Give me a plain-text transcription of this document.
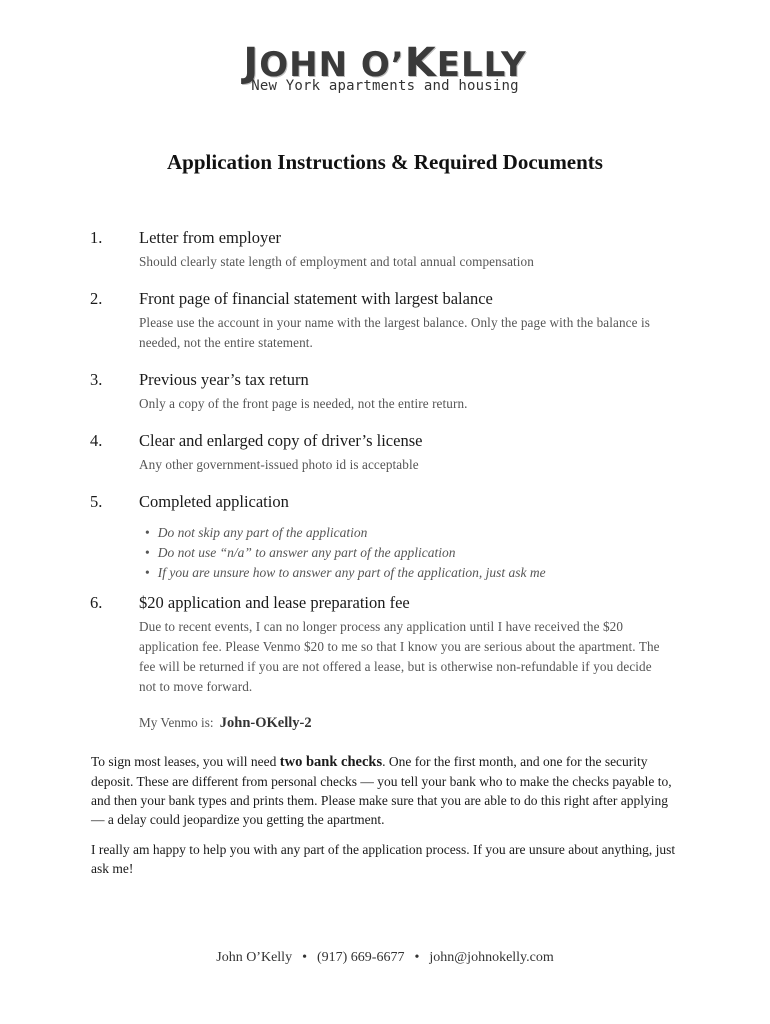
JOHN O’KELLY
New York apartments and housing
Application Instructions & Required Documents
1. Letter from employer
Should clearly state length of employment and total annual compensation
2. Front page of financial statement with largest balance
Please use the account in your name with the largest balance. Only the page with the balance is needed, not the entire statement.
3. Previous year’s tax return
Only a copy of the front page is needed, not the entire return.
4. Clear and enlarged copy of driver’s license
Any other government-issued photo id is acceptable
5. Completed application
• Do not skip any part of the application
• Do not use “n/a” to answer any part of the application
• If you are unsure how to answer any part of the application, just ask me
6. $20 application and lease preparation fee
Due to recent events, I can no longer process any application until I have received the $20 application fee. Please Venmo $20 to me so that I know you are serious about the apartment. The fee will be returned if you are not offered a lease, but is otherwise non-refundable if you decide not to move forward.
My Venmo is: John-OKelly-2
To sign most leases, you will need two bank checks. One for the first month, and one for the security deposit. These are different from personal checks — you tell your bank who to make the checks payable to, and then your bank types and prints them. Please make sure that you are able to do this right after applying — a delay could jeopardize you getting the apartment.
I really am happy to help you with any part of the application process. If you are unsure about anything, just ask me!
John O’Kelly • (917) 669-6677 • john@johnokelly.com
